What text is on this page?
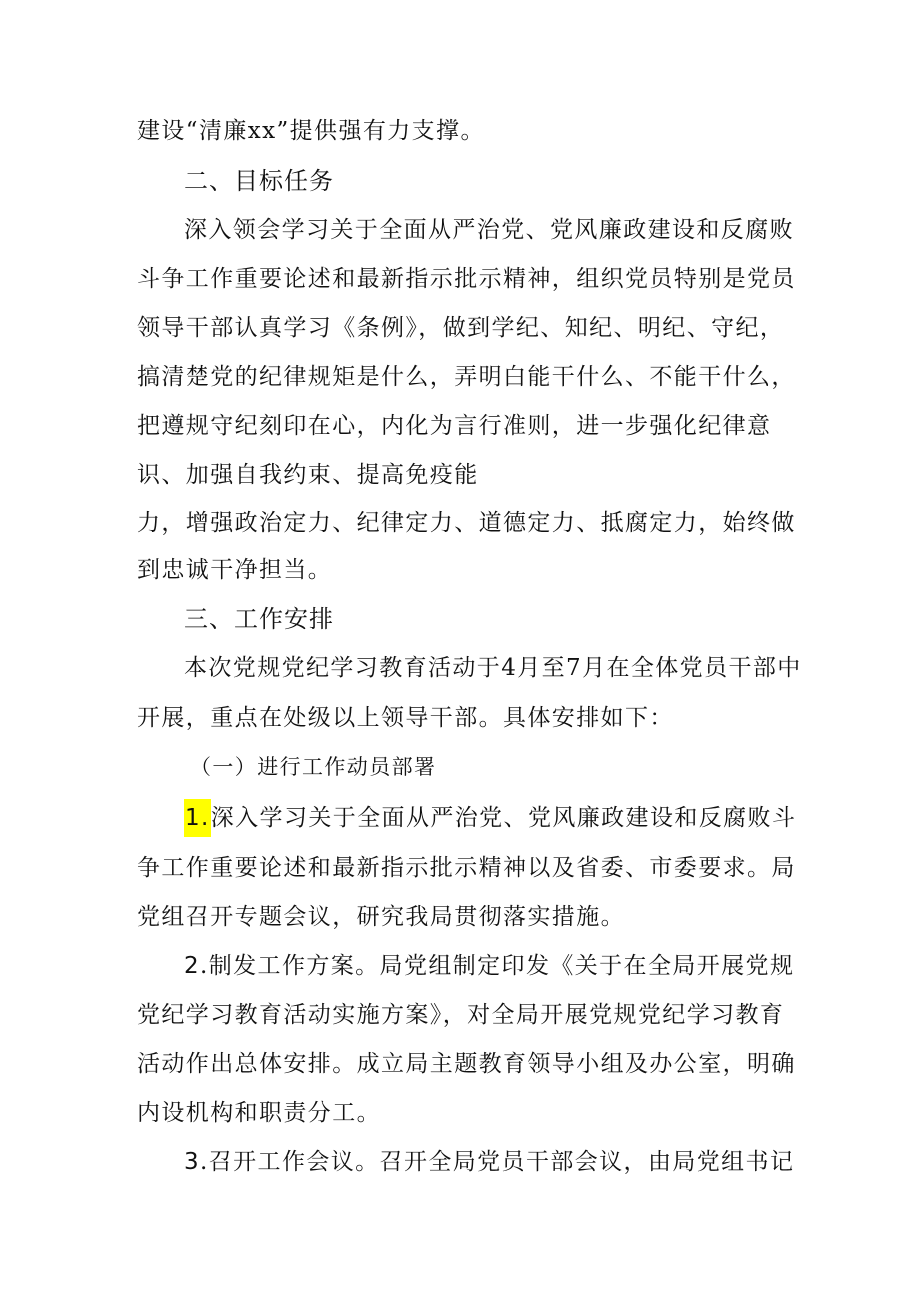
建设“清廉xx”提供强有力支撑。
二、目标任务
深入领会学习关于全面从严治党、党风廉政建设和反腐败
斗争工作重要论述和最新指示批示精神，组织党员特别是党员
领导干部认真学习《条例》，做到学纪、知纪、明纪、守纪，
搞清楚党的纪律规矩是什么，弄明白能干什么、不能干什么，
把遵规守纪刻印在心，内化为言行准则，进一步强化纪律意
识、加强自我约束、提高免疫能
力，增强政治定力、纪律定力、道德定力、抵腐定力，始终做
到忠诚干净担当。
三、工作安排
本次党规党纪学习教育活动于4月至7月在全体党员干部中
开展，重点在处级以上领导干部。具体安排如下：
（一）进行工作动员部署
1.深入学习关于全面从严治党、党风廉政建设和反腐败斗
争工作重要论述和最新指示批示精神以及省委、市委要求。局
党组召开专题会议，研究我局贯彻落实措施。
2.制发工作方案。局党组制定印发《关于在全局开展党规
党纪学习教育活动实施方案》，对全局开展党规党纪学习教育
活动作出总体安排。成立局主题教育领导小组及办公室，明确
内设机构和职责分工。
3.召开工作会议。召开全局党员干部会议，由局党组书记
